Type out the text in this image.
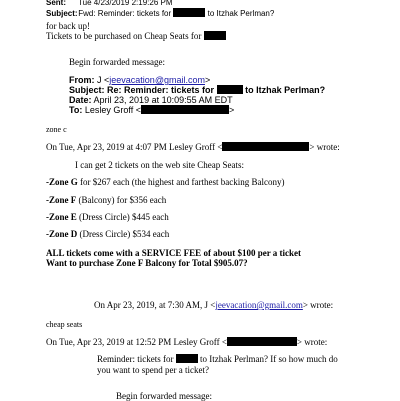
Sent: Tue 4/23/2019 2:19:26 PM
Subject: Fwd: Reminder: tickets for	to Itzhak Perlman?
for back up!
Tickets to be purchased on Cheap Seats for
Begin forwarded message:
From: J <jeevacation@gmail.com>
Subject: Re: Reminder: tickets for	to Itzhak Perlman?
Date: April 23, 2019 at 10:09:55 AM EDT
To: Lesley Groff <	>
zone c
On Tue, Apr 23, 2019 at 4:07 PM Lesley Groff <	> wrote:
I can get 2 tickets on the web site Cheap Seats:
-Zone G for $267 each (the highest and farthest backing Balcony)
-Zone F (Balcony) for $356 each
-Zone E (Dress Circle) $445 each
-Zone D (Dress Circle) $534 each
ALL tickets come with a SERVICE FEE of about $100 per a ticket
Want to purchase Zone F Balcony for Total $905.07?
On Apr 23, 2019, at 7:30 AM, J <jeevacation@gmail.com> wrote:
cheap seats
On Tue, Apr 23, 2019 at 12:52 PM Lesley Groff <	> wrote:
Reminder: tickets for	to Itzhak Perlman? If so how much do
you want to spend per a ticket?
Begin forwarded message:
